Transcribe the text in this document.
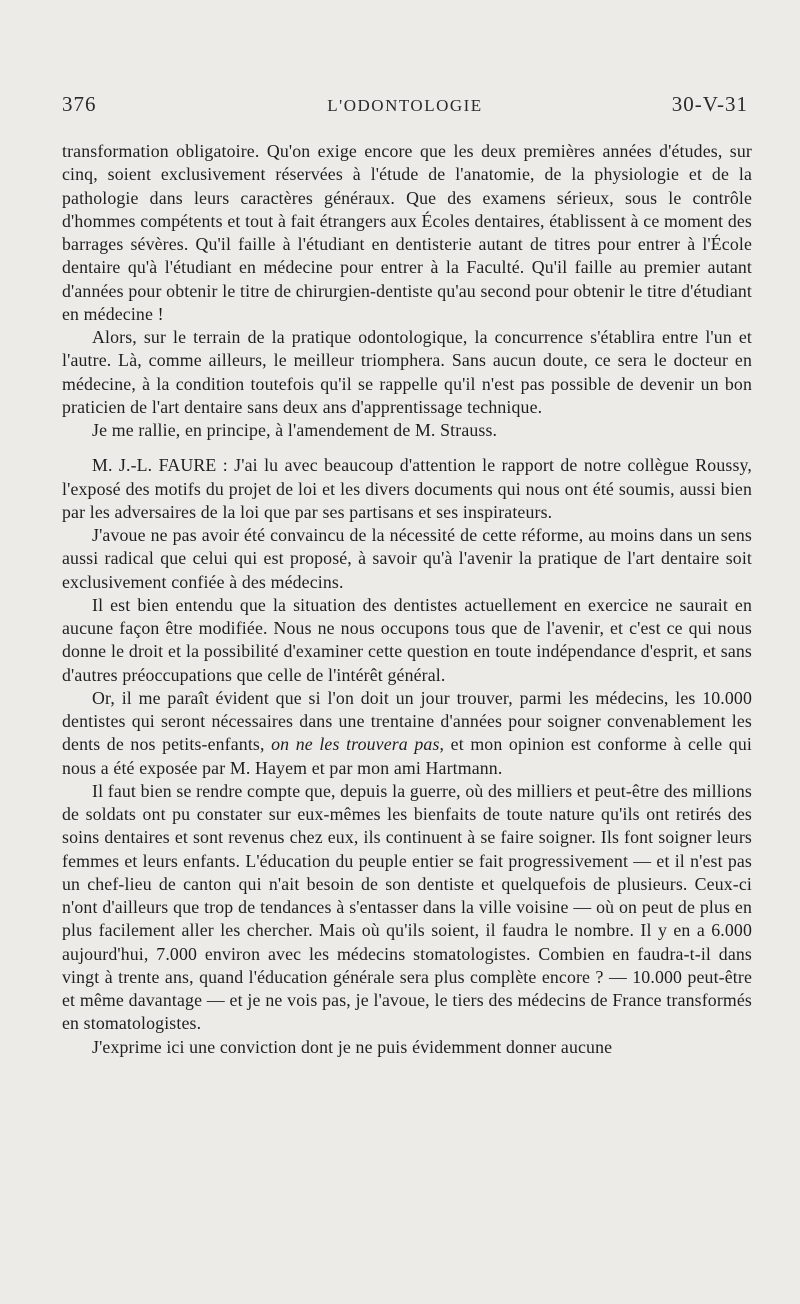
376	L'ODONTOLOGIE	30-V-31

transformation obligatoire. Qu'on exige encore que les deux premières années d'études, sur cinq, soient exclusivement réservées à l'étude de l'anatomie, de la physiologie et de la pathologie dans leurs caractères généraux. Que des examens sérieux, sous le contrôle d'hommes compétents et tout à fait étrangers aux Écoles dentaires, établissent à ce moment des barrages sévères. Qu'il faille à l'étudiant en dentisterie autant de titres pour entrer à l'École dentaire qu'à l'étudiant en médecine pour entrer à la Faculté. Qu'il faille au premier autant d'années pour obtenir le titre de chirurgien-dentiste qu'au second pour obtenir le titre d'étudiant en médecine !

Alors, sur le terrain de la pratique odontologique, la concurrence s'établira entre l'un et l'autre. Là, comme ailleurs, le meilleur triomphera. Sans aucun doute, ce sera le docteur en médecine, à la condition toutefois qu'il se rappelle qu'il n'est pas possible de devenir un bon praticien de l'art dentaire sans deux ans d'apprentissage technique.

Je me rallie, en principe, à l'amendement de M. Strauss.

M. J.-L. FAURE : J'ai lu avec beaucoup d'attention le rapport de notre collègue Roussy, l'exposé des motifs du projet de loi et les divers documents qui nous ont été soumis, aussi bien par les adversaires de la loi que par ses partisans et ses inspirateurs.

J'avoue ne pas avoir été convaincu de la nécessité de cette réforme, au moins dans un sens aussi radical que celui qui est proposé, à savoir qu'à l'avenir la pratique de l'art dentaire soit exclusivement confiée à des médecins.

Il est bien entendu que la situation des dentistes actuellement en exercice ne saurait en aucune façon être modifiée. Nous ne nous occupons tous que de l'avenir, et c'est ce qui nous donne le droit et la possibilité d'examiner cette question en toute indépendance d'esprit, et sans d'autres préoccupations que celle de l'intérêt général.

Or, il me paraît évident que si l'on doit un jour trouver, parmi les médecins, les 10.000 dentistes qui seront nécessaires dans une trentaine d'années pour soigner convenablement les dents de nos petits-enfants, on ne les trouvera pas, et mon opinion est conforme à celle qui nous a été exposée par M. Hayem et par mon ami Hartmann.

Il faut bien se rendre compte que, depuis la guerre, où des milliers et peut-être des millions de soldats ont pu constater sur eux-mêmes les bienfaits de toute nature qu'ils ont retirés des soins dentaires et sont revenus chez eux, ils continuent à se faire soigner. Ils font soigner leurs femmes et leurs enfants. L'éducation du peuple entier se fait progressivement — et il n'est pas un chef-lieu de canton qui n'ait besoin de son dentiste et quelquefois de plusieurs. Ceux-ci n'ont d'ailleurs que trop de tendances à s'entasser dans la ville voisine — où on peut de plus en plus facilement aller les chercher. Mais où qu'ils soient, il faudra le nombre. Il y en a 6.000 aujourd'hui, 7.000 environ avec les médecins stomatologistes. Combien en faudra-t-il dans vingt à trente ans, quand l'éducation générale sera plus complète encore ? — 10.000 peut-être et même davantage — et je ne vois pas, je l'avoue, le tiers des médecins de France transformés en stomatologistes.

J'exprime ici une conviction dont je ne puis évidemment donner aucune
